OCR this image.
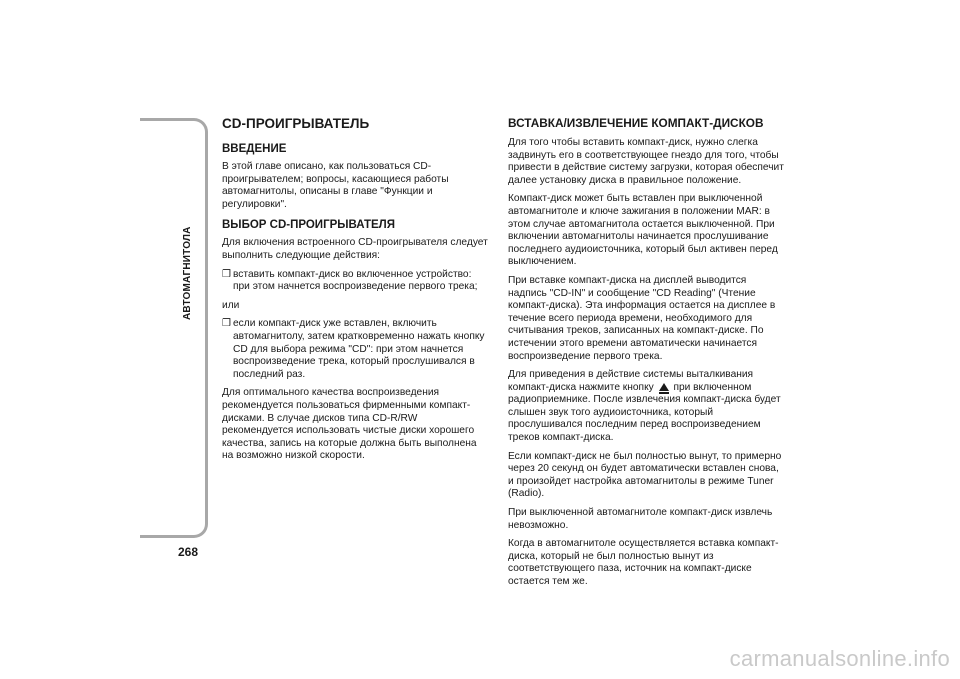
АВТОМАГНИТОЛА
268
CD-ПРОИГРЫВАТЕЛЬ
ВВЕДЕНИЕ

В этой главе описано, как пользоваться CD-проигрывателем; вопросы, касающиеся работы автомагнитолы, описаны в главе "Функции и регулировки".

ВЫБОР CD-ПРОИГРЫВАТЕЛЯ

Для включения встроенного CD-проигрывателя следует выполнить следующие действия:

❒ вставить компакт-диск во включенное устройство: при этом начнется воспроизведение первого трека;

или

❒ если компакт-диск уже вставлен, включить автомагнитолу, затем кратковременно нажать кнопку CD для выбора режима "CD": при этом начнется воспроизведение трека, который прослушивался в последний раз.

Для оптимального качества воспроизведения рекомендуется пользоваться фирменными компакт-дисками. В случае дисков типа CD-R/RW рекомендуется использовать чистые диски хорошего качества, запись на которые должна быть выполнена на возможно низкой скорости.

ВСТАВКА/ИЗВЛЕЧЕНИЕ КОМПАКТ-ДИСКОВ

Для того чтобы вставить компакт-диск, нужно слегка задвинуть его в соответствующее гнездо для того, чтобы привести в действие систему загрузки, которая обеспечит далее установку диска в правильное положение.

Компакт-диск может быть вставлен при выключенной автомагнитоле и ключе зажигания в положении MAR: в этом случае автомагнитола остается выключенной. При включении автомагнитолы начинается прослушивание последнего аудиоисточника, который был активен перед выключением.

При вставке компакт-диска на дисплей выводится надпись "CD-IN" и сообщение "CD Reading" (Чтение компакт-диска). Эта информация остается на дисплее в течение всего периода времени, необходимого для считывания треков, записанных на компакт-диске. По истечении этого времени автоматически начинается воспроизведение первого трека.

Для приведения в действие системы выталкивания компакт-диска нажмите кнопку при включенном радиоприемнике. После извлечения компакт-диска будет слышен звук того аудиоисточника, который прослушивался последним перед воспроизведением треков компакт-диска.

Если компакт-диск не был полностью вынут, то примерно через 20 секунд он будет автоматически вставлен снова, и произойдет настройка автомагнитолы в режиме Tuner (Radio).

При выключенной автомагнитоле компакт-диск извлечь невозможно.

Когда в автомагнитоле осуществляется вставка компакт-диска, который не был полностью вынут из соответствующего паза, источник на компакт-диске остается тем же.

carmanualsonline.info
